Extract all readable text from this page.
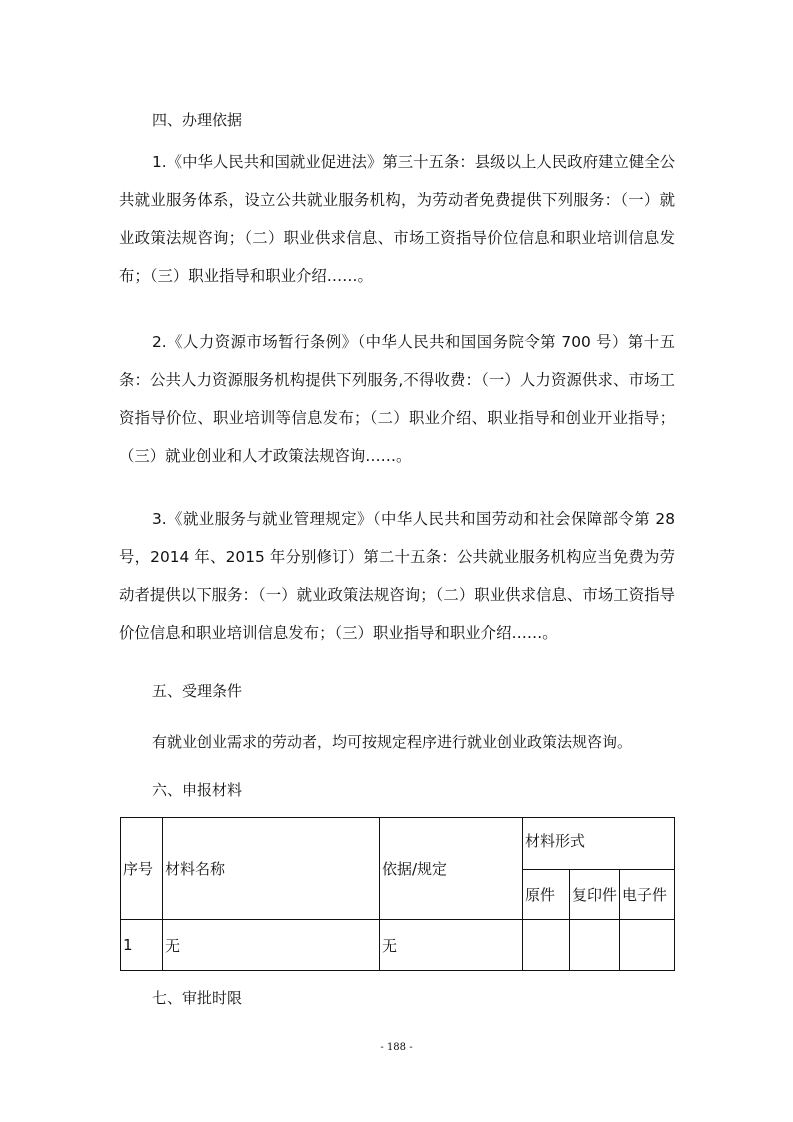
四、办理依据

1.《中华人民共和国就业促进法》第三十五条：县级以上人民政府建立健全公共就业服务体系，设立公共就业服务机构，为劳动者免费提供下列服务：（一）就业政策法规咨询；（二）职业供求信息、市场工资指导价位信息和职业培训信息发布；（三）职业指导和职业介绍……。

2.《人力资源市场暂行条例》（中华人民共和国国务院令第 700 号）第十五条：公共人力资源服务机构提供下列服务,不得收费：（一）人力资源供求、市场工资指导价位、职业培训等信息发布；（二）职业介绍、职业指导和创业开业指导；（三）就业创业和人才政策法规咨询……。

3.《就业服务与就业管理规定》（中华人民共和国劳动和社会保障部令第 28 号，2014 年、2015 年分别修订）第二十五条：公共就业服务机构应当免费为劳动者提供以下服务：（一）就业政策法规咨询；（二）职业供求信息、市场工资指导价位信息和职业培训信息发布；（三）职业指导和职业介绍……。

五、受理条件
有就业创业需求的劳动者，均可按规定程序进行就业创业政策法规咨询。
六、申报材料
序号	材料名称	依据/规定	材料形式		
			原件	复印件	电子件
1	无	无			
七、审批时限
- 188 -
